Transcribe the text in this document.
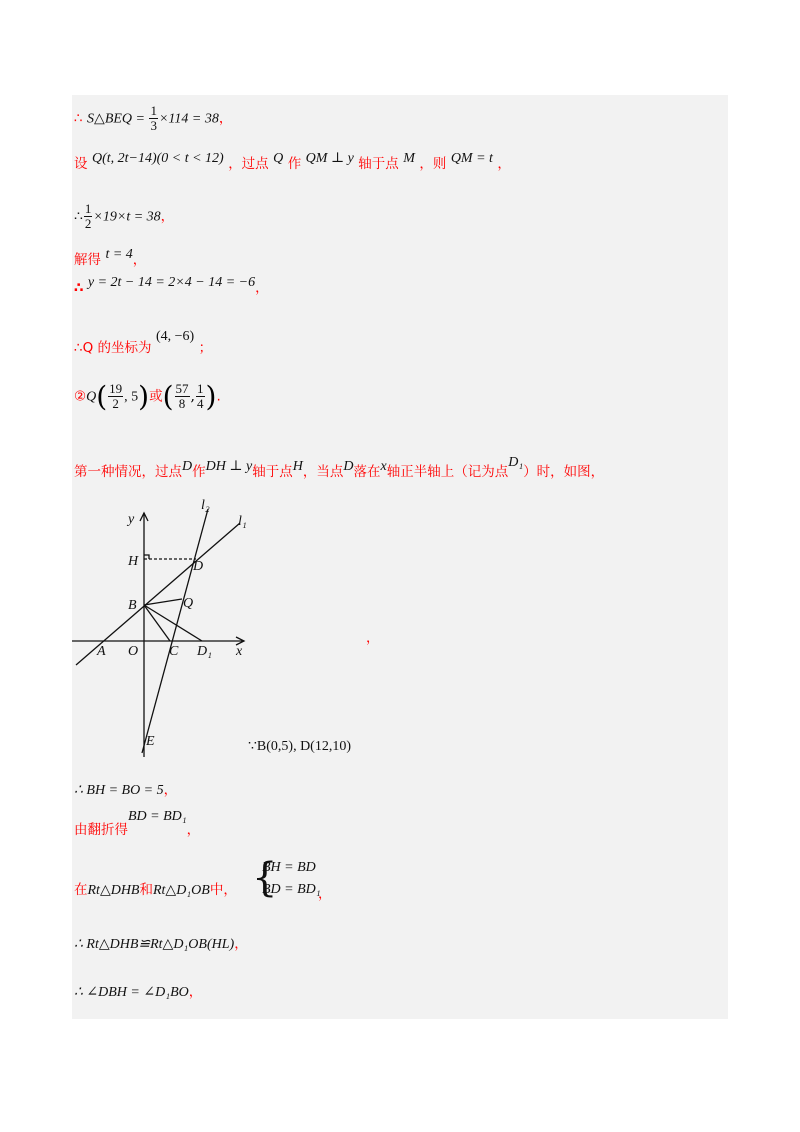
∴ S△BEQ = $\frac{1}{3} \times 114 = 38$，
设 Q(t, 2t−14)(0 < t < 12) ，过点 Q 作 QM ⊥ y 轴于点 M ，则 QM = t ，
∴ $\frac{1}{2} \times 19\times t = 38$，
解得 t = 4，
∴ y = 2t − 14 = 2×4 − 14 = −6，
∴Q 的坐标为 (4, −6) ；
②Q( $\frac{19}{2}$ , 5)或( $\frac{57}{8}$ , $\frac{1}{4}$ ).
第一种情况，过点D作DH ⊥ y轴于点H，当点D落在x轴正半轴上（记为点D₁）时，如图，
y
x
l₁
l₂
H	D
B	Q
A O C D₁
E
，
∵B(0,5), D(12,10)
∴ BH = BO = 5，
由翻折得BD = BD₁，
在Rt△DHB和Rt△D₁OB中， {
BH = BD
BD = BD₁
，
∴ Rt△DHB≌Rt△D₁OB(HL)，
∴ ∠DBH = ∠D₁BO，
